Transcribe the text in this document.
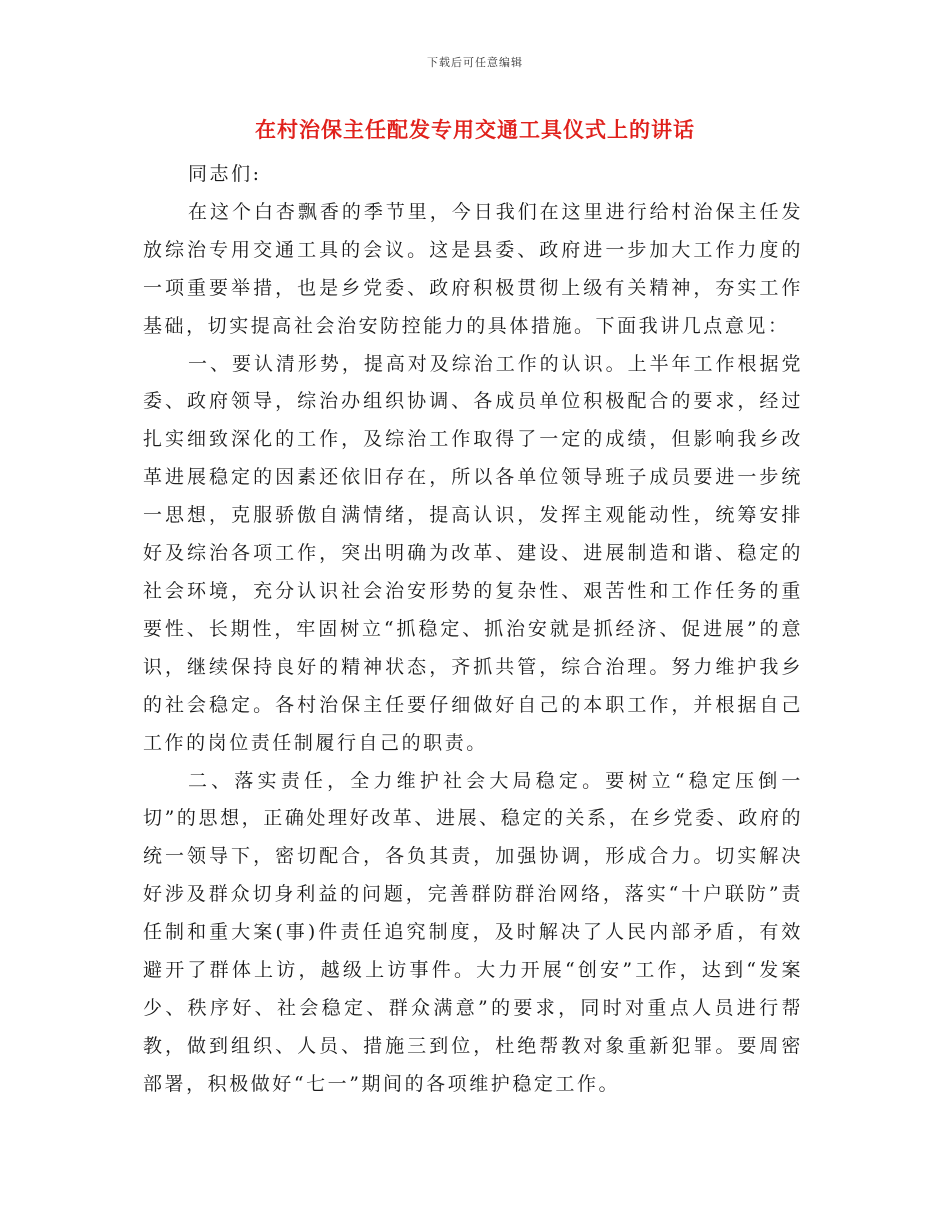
下载后可任意编辑
在村治保主任配发专用交通工具仪式上的讲话

同志们:

在这个白杏飘香的季节里，今日我们在这里进行给村治保主任发放综治专用交通工具的会议。这是县委、政府进一步加大工作力度的一项重要举措，也是乡党委、政府积极贯彻上级有关精神，夯实工作基础，切实提高社会治安防控能力的具体措施。下面我讲几点意见：

一、要认清形势，提高对及综治工作的认识。上半年工作根据党委、政府领导，综治办组织协调、各成员单位积极配合的要求，经过扎实细致深化的工作，及综治工作取得了一定的成绩，但影响我乡改革进展稳定的因素还依旧存在，所以各单位领导班子成员要进一步统一思想，克服骄傲自满情绪，提高认识，发挥主观能动性，统筹安排好及综治各项工作，突出明确为改革、建设、进展制造和谐、稳定的社会环境，充分认识社会治安形势的复杂性、艰苦性和工作任务的重要性、长期性，牢固树立“抓稳定、抓治安就是抓经济、促进展”的意识，继续保持良好的精神状态，齐抓共管，综合治理。努力维护我乡的社会稳定。各村治保主任要仔细做好自己的本职工作，并根据自己工作的岗位责任制履行自己的职责。

二、落实责任，全力维护社会大局稳定。要树立“稳定压倒一切”的思想，正确处理好改革、进展、稳定的关系，在乡党委、政府的统一领导下，密切配合，各负其责，加强协调，形成合力。切实解决好涉及群众切身利益的问题，完善群防群治网络，落实“十户联防”责任制和重大案(事)件责任追究制度，及时解决了人民内部矛盾，有效避开了群体上访，越级上访事件。大力开展“创安”工作，达到“发案少、秩序好、社会稳定、群众满意”的要求，同时对重点人员进行帮教，做到组织、人员、措施三到位，杜绝帮教对象重新犯罪。要周密部署，积极做好“七一”期间的各项维护稳定工作。
